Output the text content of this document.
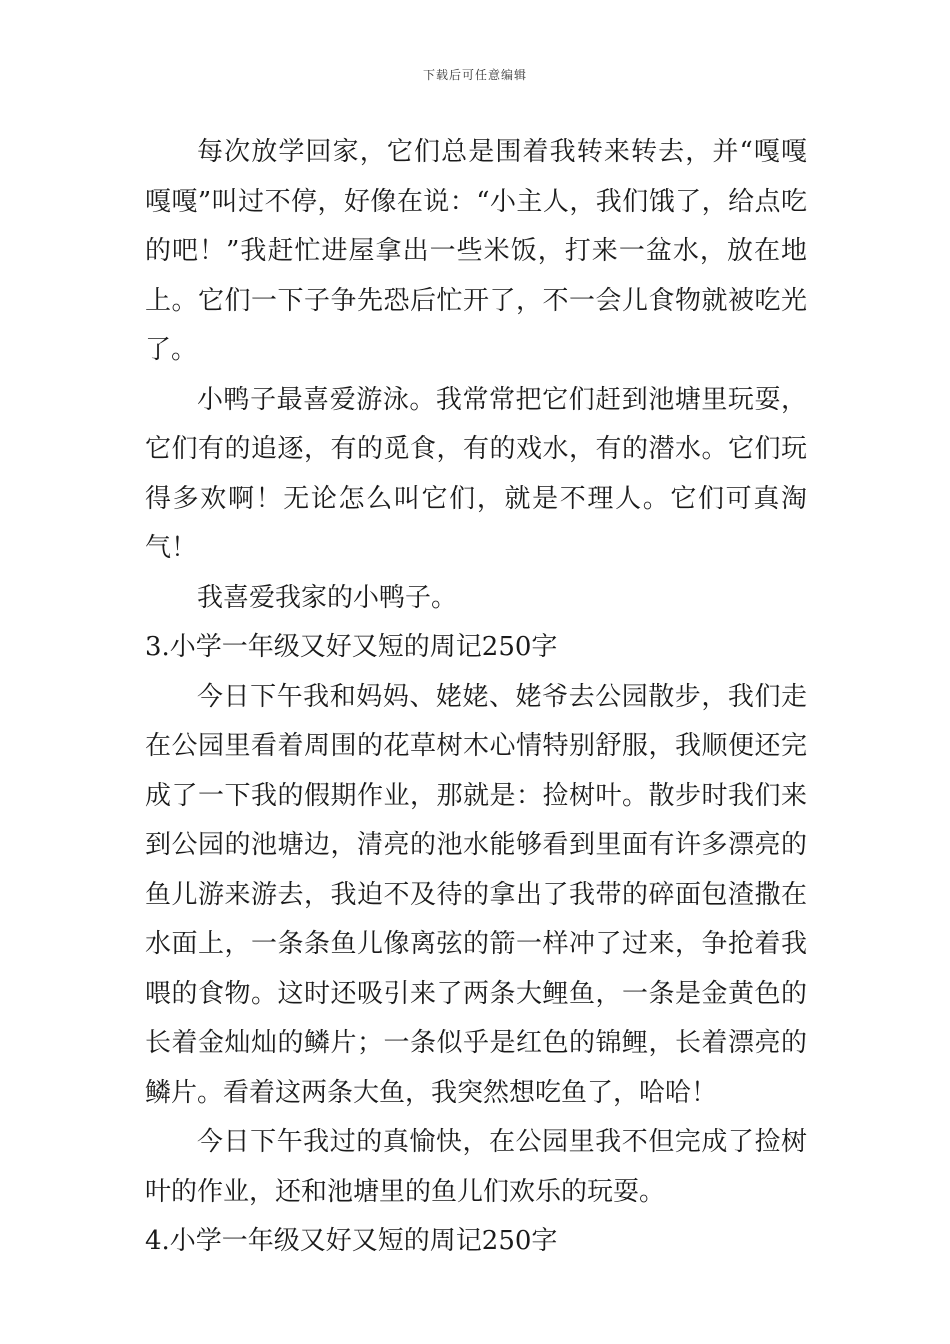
下载后可任意编辑

每次放学回家，它们总是围着我转来转去，并“嘎嘎嘎嘎”叫过不停，好像在说：“小主人，我们饿了，给点吃的吧！”我赶忙进屋拿出一些米饭，打来一盆水，放在地上。它们一下子争先恐后忙开了，不一会儿食物就被吃光了。

小鸭子最喜爱游泳。我常常把它们赶到池塘里玩耍，它们有的追逐，有的觅食，有的戏水，有的潜水。它们玩得多欢啊！无论怎么叫它们，就是不理人。它们可真淘气！

我喜爱我家的小鸭子。

3.小学一年级又好又短的周记250字

今日下午我和妈妈、姥姥、姥爷去公园散步，我们走在公园里看着周围的花草树木心情特别舒服，我顺便还完成了一下我的假期作业，那就是：捡树叶。散步时我们来到公园的池塘边，清亮的池水能够看到里面有许多漂亮的鱼儿游来游去，我迫不及待的拿出了我带的碎面包渣撒在水面上，一条条鱼儿像离弦的箭一样冲了过来，争抢着我喂的食物。这时还吸引来了两条大鲤鱼，一条是金黄色的长着金灿灿的鳞片；一条似乎是红色的锦鲤，长着漂亮的鳞片。看着这两条大鱼，我突然想吃鱼了，哈哈！

今日下午我过的真愉快，在公园里我不但完成了捡树叶的作业，还和池塘里的鱼儿们欢乐的玩耍。

4.小学一年级又好又短的周记250字
